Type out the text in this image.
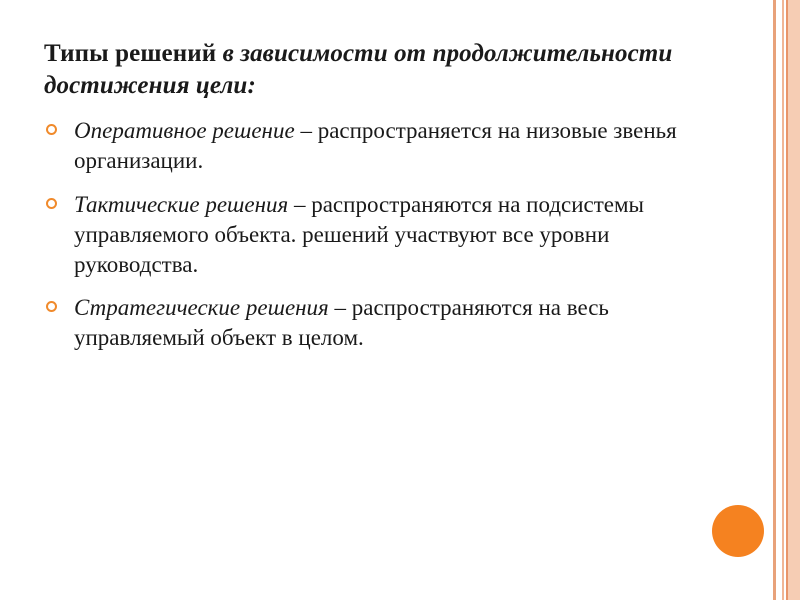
Типы решений в зависимости от продолжительности достижения цели:
Оперативное решение – распространяется на низовые звенья организации.
Тактические решения – распространяются на подсистемы управляемого объекта. решений участвуют все уровни руководства.
Стратегические решения – распространяются на весь управляемый объект в целом.
